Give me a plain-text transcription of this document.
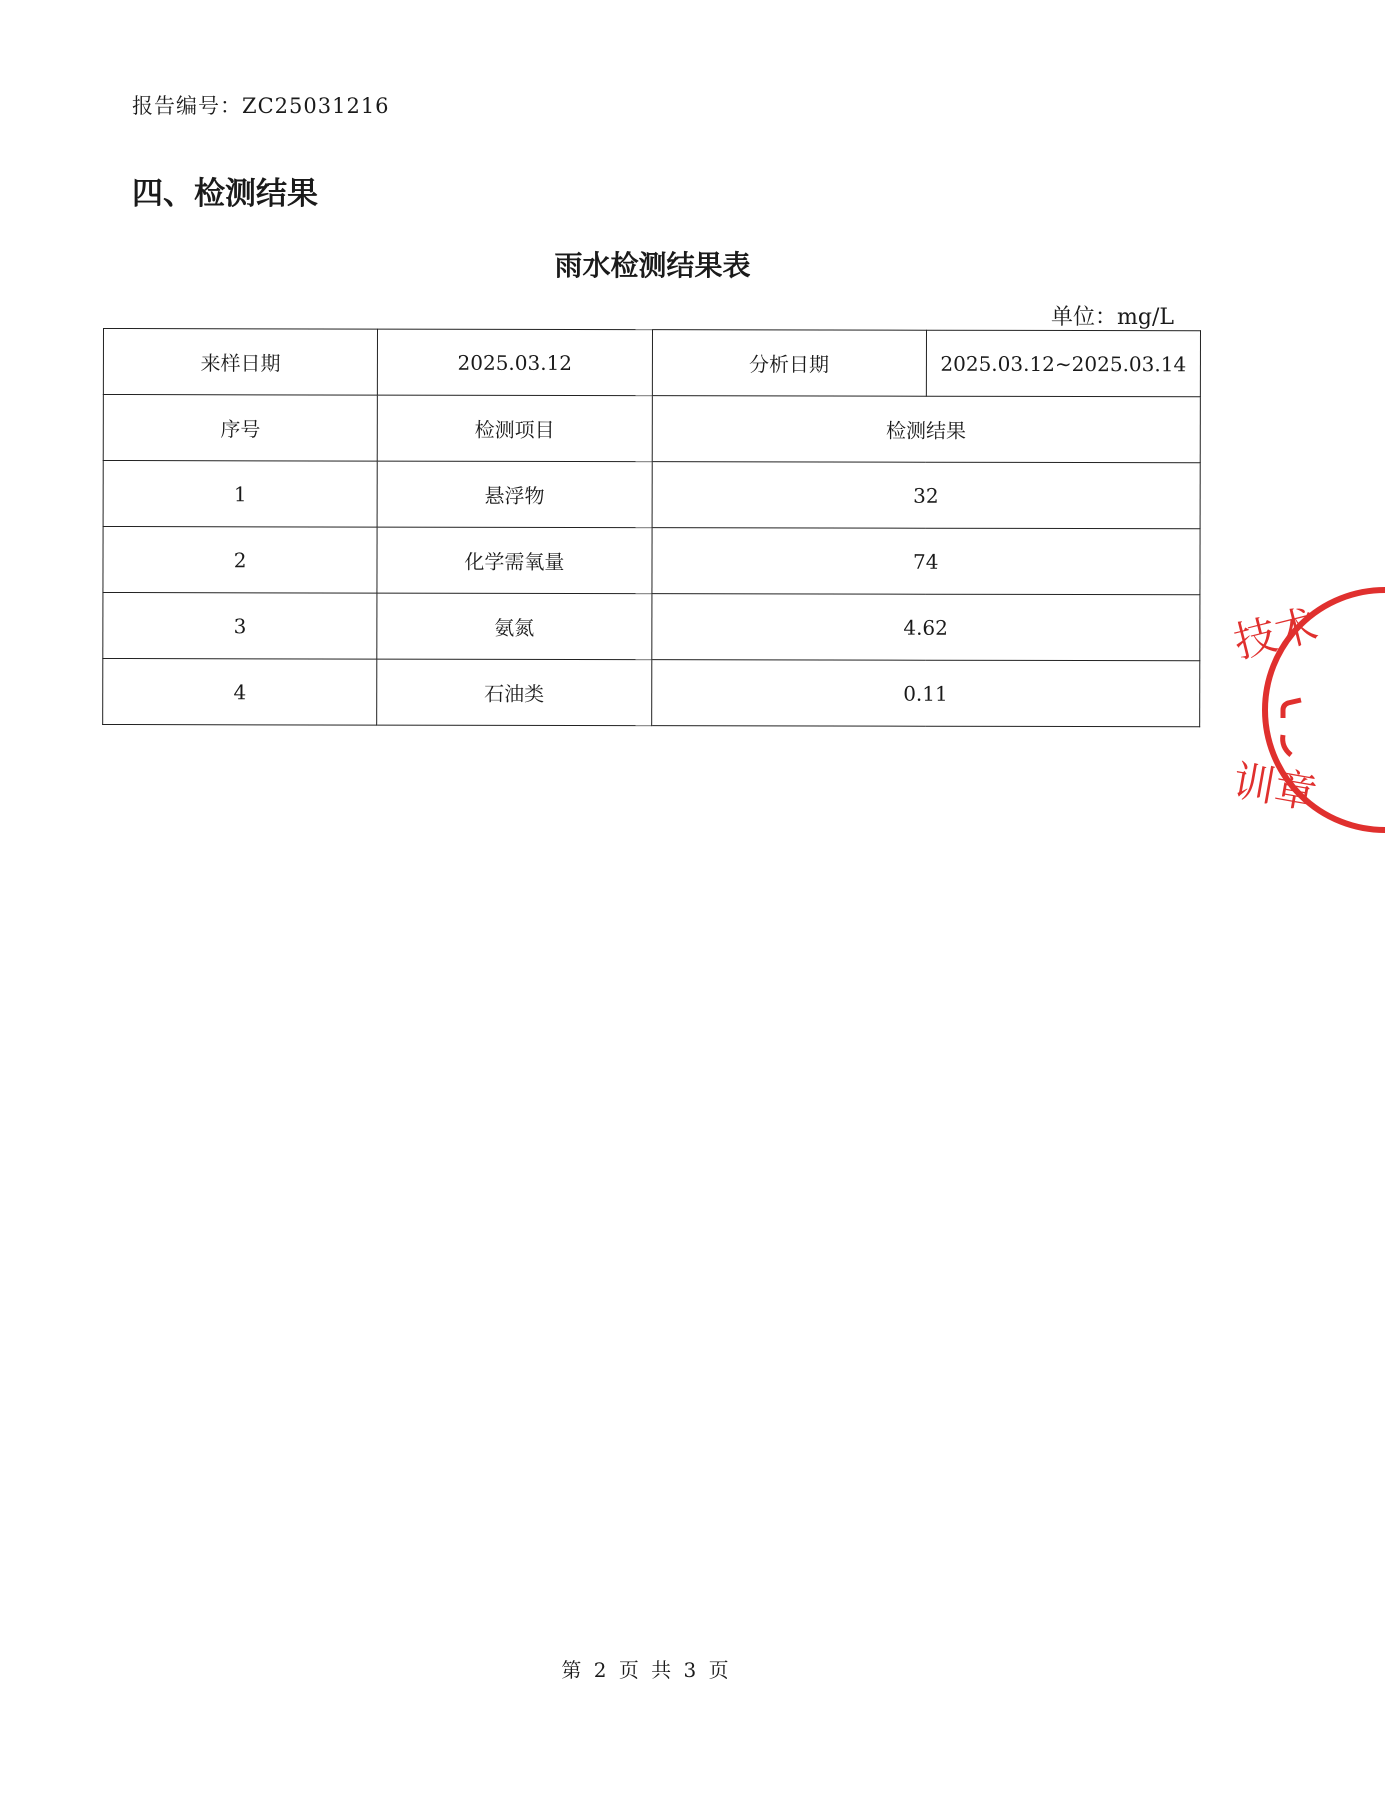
报告编号：ZC25031216
四、检测结果
雨水检测结果表
单位：mg/L
来样日期	2025.03.12	分析日期	2025.03.12~2025.03.14
序号	检测项目	检测结果	
1	悬浮物	32	
2	化学需氧量	74	
3	氨氮	4.62	
4	石油类	0.11	
技术
训章
第 2 页 共 3 页
